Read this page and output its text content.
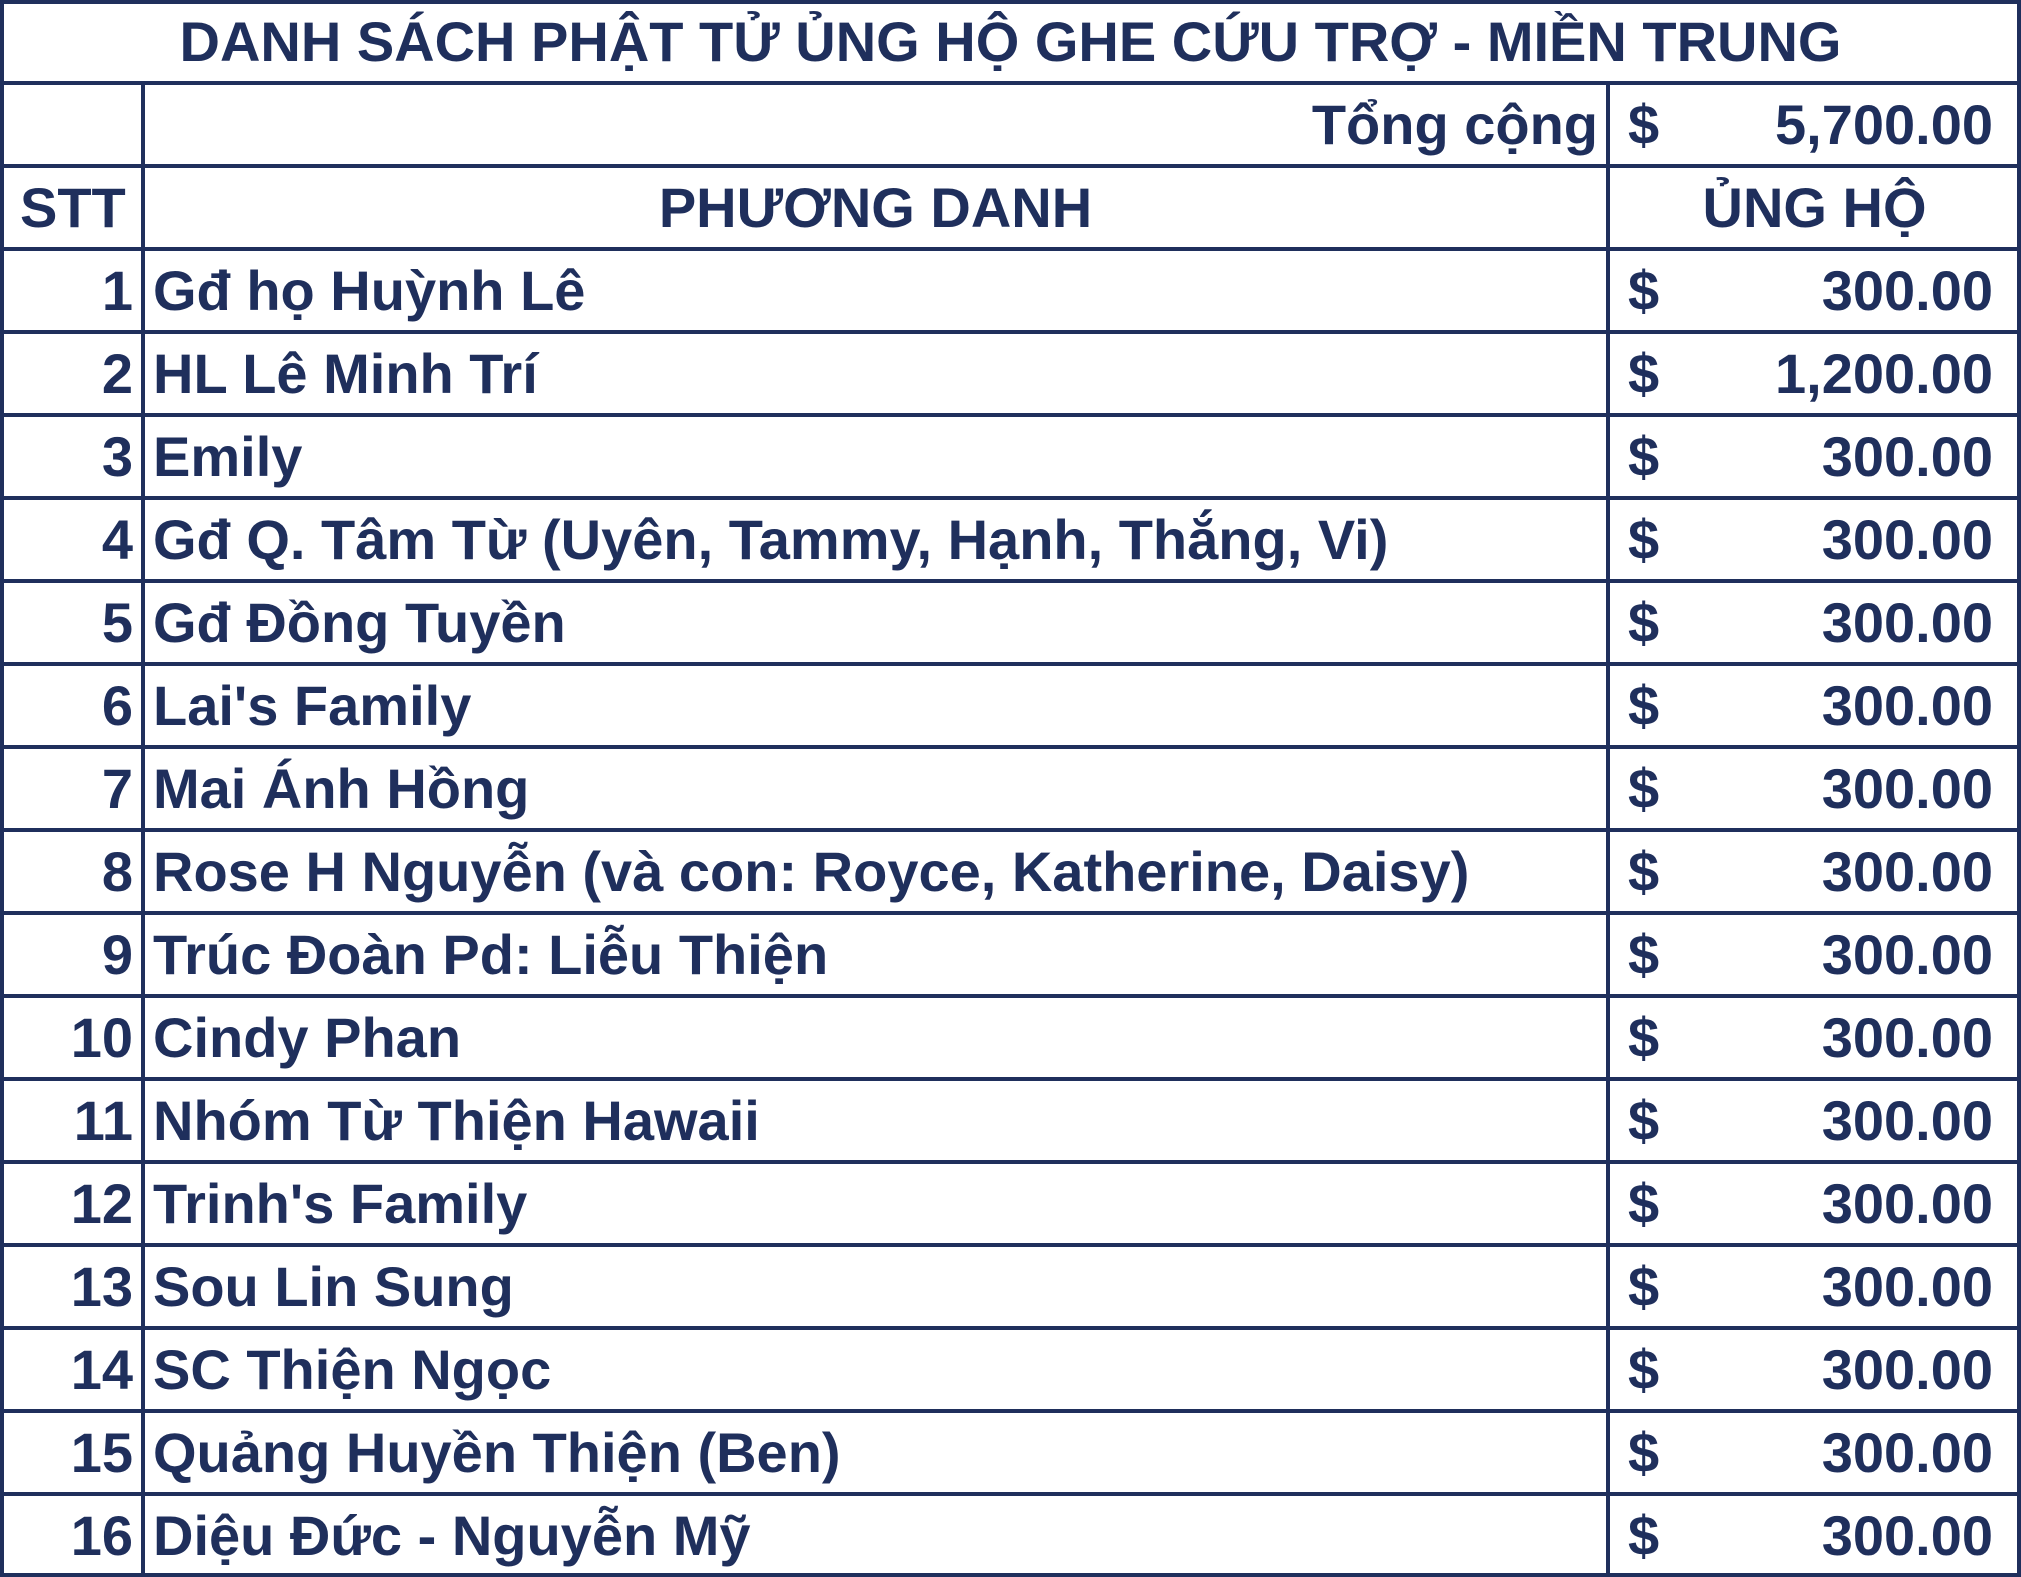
DANH SÁCH PHẬT TỬ ỦNG HỘ GHE CỨU TRỢ - MIỀN TRUNG
Tổng cộng $	5,700.00
STT	PHƯƠNG DANH	ỦNG HỘ
1 Gđ họ Huỳnh Lê	$	300.00
2 HL Lê Minh Trí	$	1,200.00
3 Emily	$	300.00
4 Gđ Q. Tâm Từ (Uyên, Tammy, Hạnh, Thắng, Vi)	$	300.00
5 Gđ Đồng Tuyền	$	300.00
6 Lai's Family	$	300.00
7 Mai Ánh Hồng	$	300.00
8 Rose H Nguyễn (và con: Royce, Katherine, Daisy)	$	300.00
9 Trúc Đoàn Pd: Liễu Thiện	$	300.00
10 Cindy Phan	$	300.00
11 Nhóm Từ Thiện Hawaii	$	300.00
12 Trinh's Family	$	300.00
13 Sou Lin Sung	$	300.00
14 SC Thiện Ngọc	$	300.00
15 Quảng Huyền Thiện (Ben)	$	300.00
16 Diệu Đức - Nguyễn Mỹ	$	300.00
